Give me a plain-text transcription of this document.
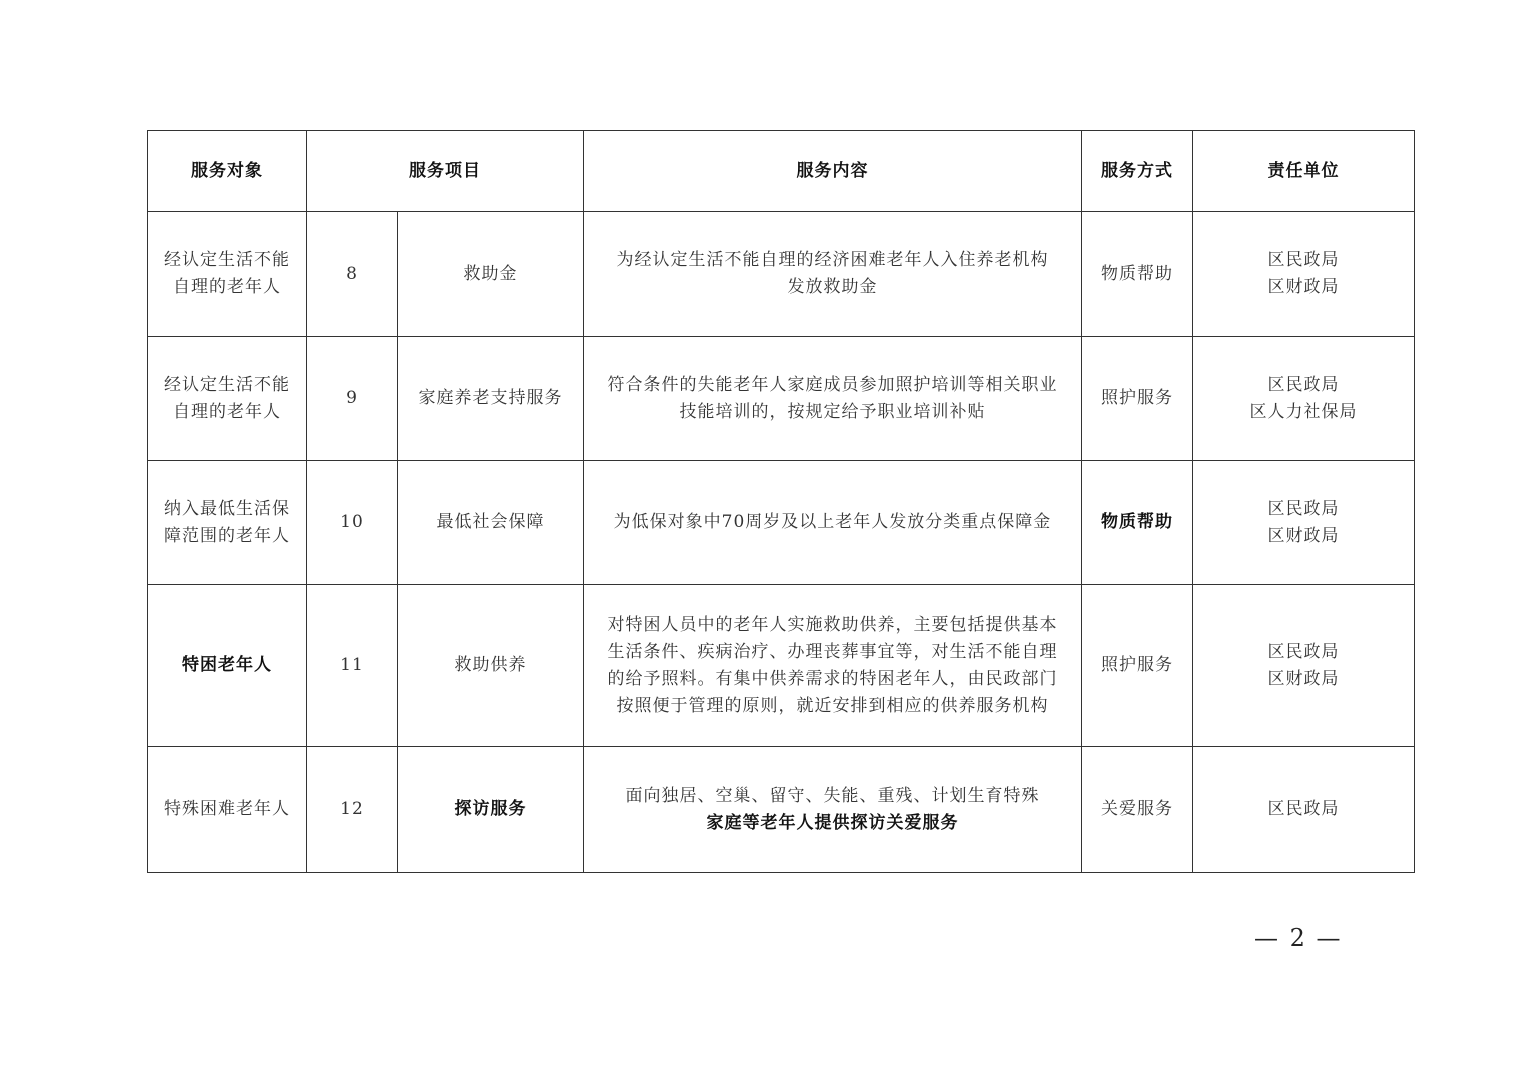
服务对象	服务项目		服务内容	服务方式	责任单位

经认定生活不能
自理的老年人	8	救助金	为经认定生活不能自理的经济困难老年人入住养老机构
发放救助金	物质帮助	区民政局
区财政局

经认定生活不能
自理的老年人	9	家庭养老支持服务	符合条件的失能老年人家庭成员参加照护培训等相关职业
技能培训的，按规定给予职业培训补贴	照护服务	区民政局
区人力社保局

纳入最低生活保
障范围的老年人	10	最低社会保障	为低保对象中70周岁及以上老年人发放分类重点保障金	物质帮助	区民政局
区财政局

特困老年人	11	救助供养	对特困人员中的老年人实施救助供养，主要包括提供基本
生活条件、疾病治疗、办理丧葬事宜等，对生活不能自理
的给予照料。有集中供养需求的特困老年人，由民政部门
按照便于管理的原则，就近安排到相应的供养服务机构	照护服务	区民政局
区财政局

特殊困难老年人	12	探访服务	面向独居、空巢、留守、失能、重残、计划生育特殊
家庭等老年人提供探访关爱服务	关爱服务	区民政局
— 2 —
